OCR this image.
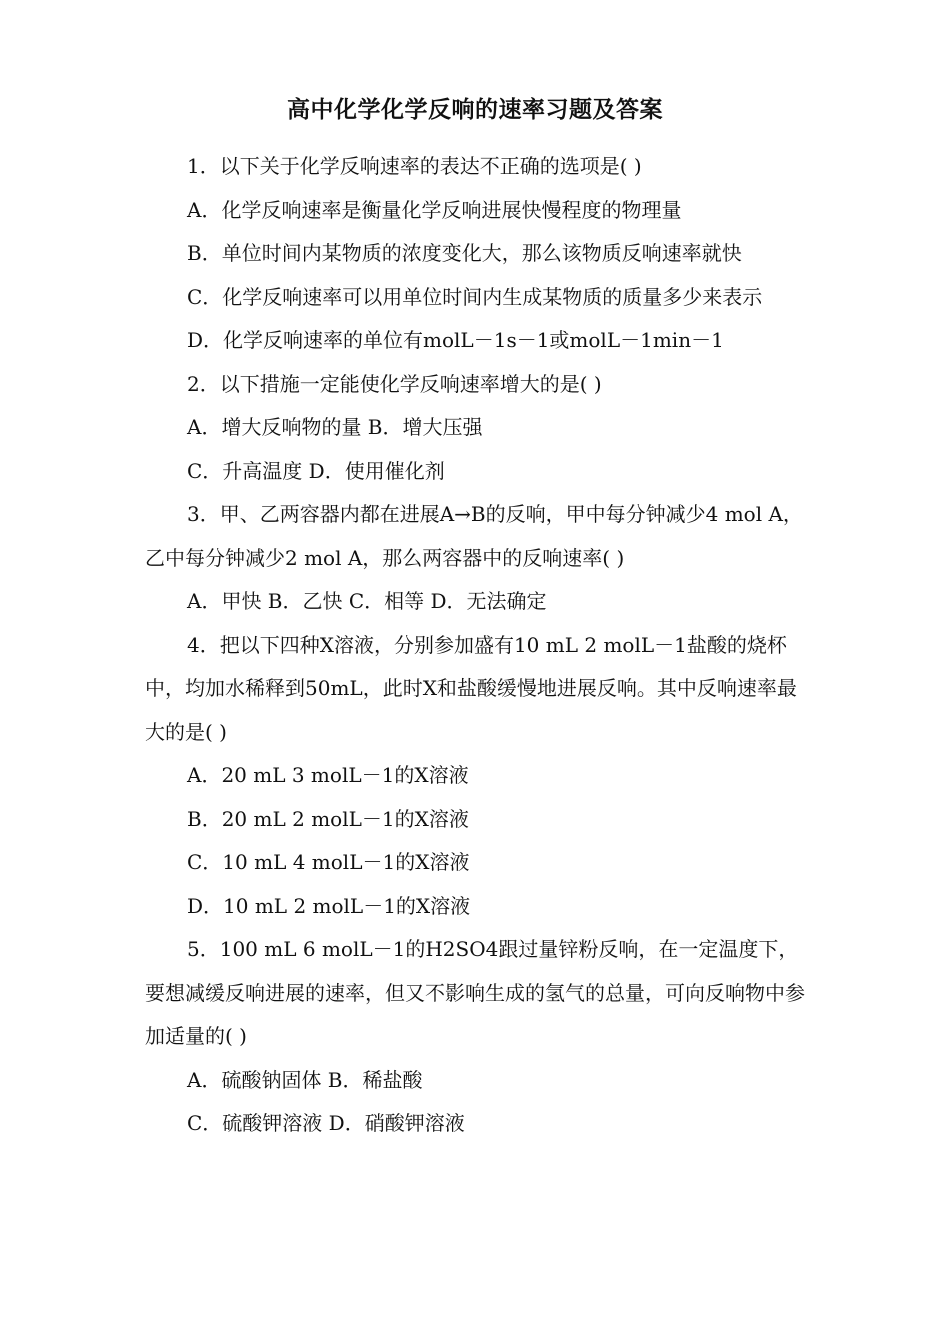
高中化学化学反响的速率习题及答案

1．以下关于化学反响速率的表达不正确的选项是( )

A．化学反响速率是衡量化学反响进展快慢程度的物理量

B．单位时间内某物质的浓度变化大，那么该物质反响速率就快

C．化学反响速率可以用单位时间内生成某物质的质量多少来表示

D．化学反响速率的单位有molL－1s－1或molL－1min－1

2．以下措施一定能使化学反响速率增大的是( )

A．增大反响物的量 B．增大压强

C．升高温度 D．使用催化剂

3．甲、乙两容器内都在进展A→B的反响，甲中每分钟减少4 mol A，乙中每分钟减少2 mol A，那么两容器中的反响速率( )

A．甲快 B．乙快 C．相等 D．无法确定

4．把以下四种X溶液，分别参加盛有10 mL 2 molL－1盐酸的烧杯中，均加水稀释到50mL，此时X和盐酸缓慢地进展反响。其中反响速率最大的是( )

A．20 mL 3 molL－1的X溶液

B．20 mL 2 molL－1的X溶液

C．10 mL 4 molL－1的X溶液

D．10 mL 2 molL－1的X溶液

5．100 mL 6 molL－1的H2SO4跟过量锌粉反响，在一定温度下，要想减缓反响进展的速率，但又不影响生成的氢气的总量，可向反响物中参加适量的( )

A．硫酸钠固体 B．稀盐酸

C．硫酸钾溶液 D．硝酸钾溶液
